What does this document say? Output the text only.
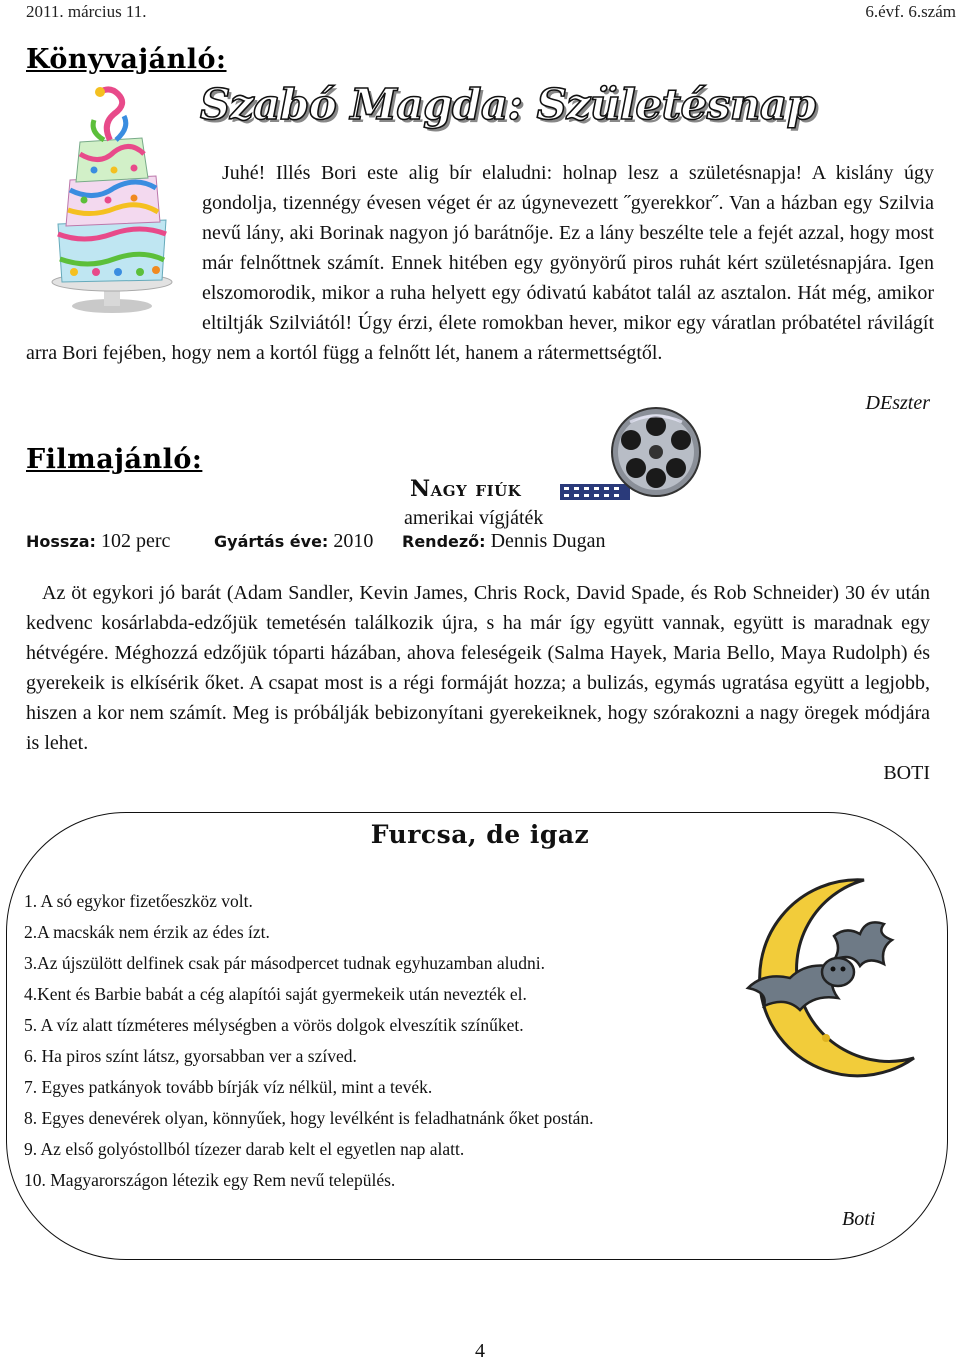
2011. március 11.	6.évf. 6.szám
Könyvajánló:
Szabó Magda: Születésnap

Juhé! Illés Bori este alig bír elaludni: holnap lesz a születésnapja! A kislány úgy gondolja, tizennégy évesen véget ér az úgynevezett ˝gyerekkor˝. Van a házban egy Szilvia nevű lány, aki Borinak nagyon jó barátnője. Ez a lány beszélte tele a fejét azzal, hogy most már felnőttnek számít. Ennek hitében egy gyönyörű piros ruhát kért születésnapjára. Igen elszomorodik, mikor a ruha helyett egy ódivatú kabátot talál az asztalon. Hát még, amikor eltiltják Szilviától! Úgy érzi, élete romokban hever, mikor egy váratlan próbatétel rávilágít arra Bori fejében, hogy nem a kortól függ a felnőtt lét, hanem a rátermettségtől.

DEszter
Filmajánló:
Nagy fiúk
amerikai vígjáték
Hossza: 102 perc	Gyártás éve: 2010 Rendező: Dennis Dugan

Az öt egykori jó barát (Adam Sandler, Kevin James, Chris Rock, David Spade, és Rob Schneider) 30 év után kedvenc kosárlabda-edzőjük temetésén találkozik újra, s ha már így együtt vannak, együtt is maradnak egy hétvégére. Méghozzá edzőjük tóparti házában, ahova feleségeik (Salma Hayek, Maria Bello, Maya Rudolph) és gyerekeik is elkísérik őket. A csapat most is a régi formáját hozza; a bulizás, egymás ugratása együtt a legjobb, hiszen a kor nem számít. Meg is próbálják bebizonyítani gyerekeiknek, hogy szórakozni a nagy öregek módjára is lehet.

BOTI
Furcsa, de igaz
1. A só egykor fizetőeszköz volt.
2.A macskák nem érzik az édes ízt.
3.Az újszülött delfinek csak pár másodpercet tudnak egyhuzamban aludni.
4.Kent és Barbie babát a cég alapítói saját gyermekeik után nevezték el.
5. A víz alatt tízméteres mélységben a vörös dolgok elveszítik színűket.
6. Ha piros színt látsz, gyorsabban ver a szíved.
7. Egyes patkányok tovább bírják víz nélkül, mint a tevék.
8. Egyes denevérek olyan, könnyűek, hogy levélként is feladhatnánk őket postán.
9. Az első golyóstollból tízezer darab kelt el egyetlen nap alatt.
10. Magyarországon létezik egy Rem nevű település.
Boti
4
